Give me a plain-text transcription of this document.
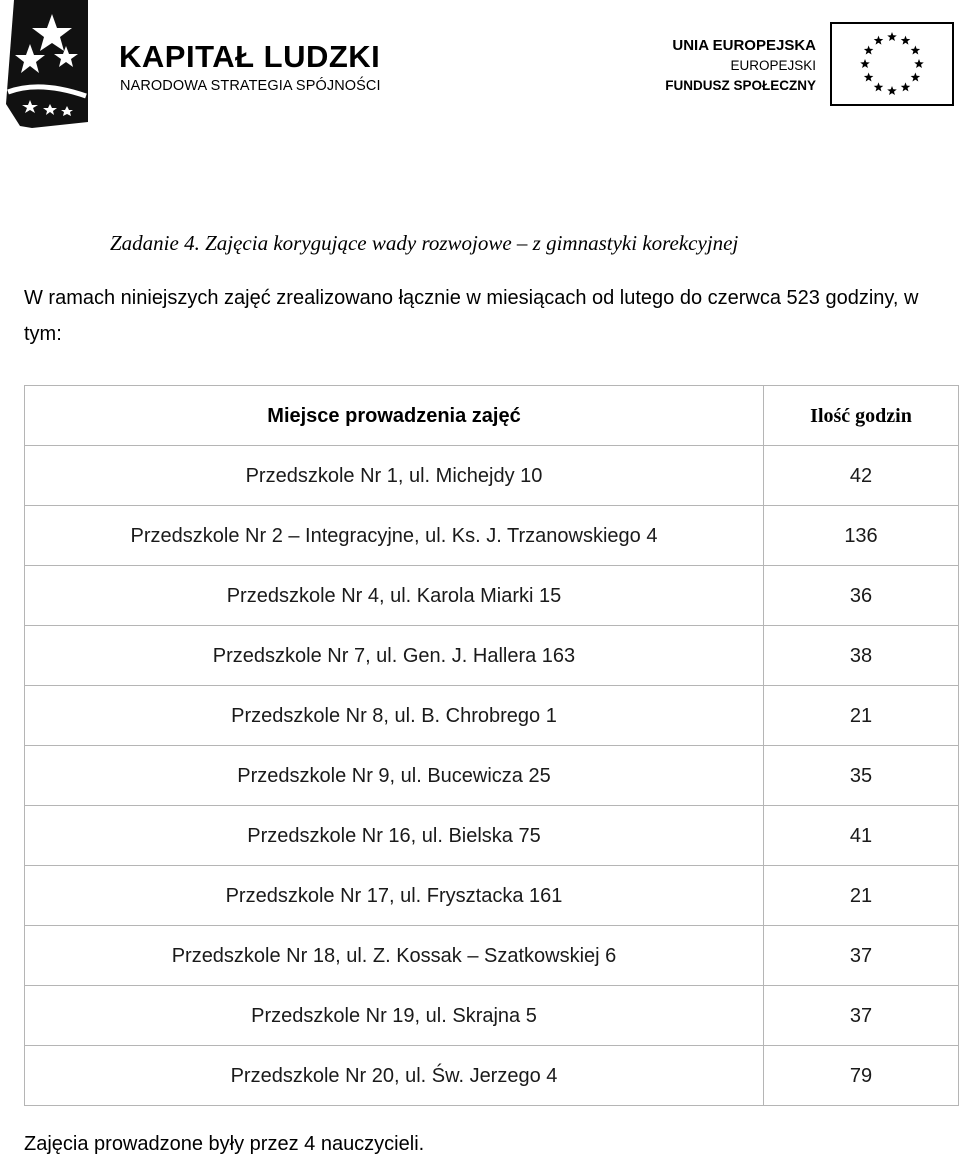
KAPITAŁ LUDZKI
NARODOWA STRATEGIA SPÓJNOŚCI
UNIA EUROPEJSKA
EUROPEJSKI
FUNDUSZ SPOŁECZNY
Zadanie 4. Zajęcia korygujące wady rozwojowe – z gimnastyki korekcyjnej

W ramach niniejszych zajęć zrealizowano łącznie w miesiącach od lutego do czerwca 523 godziny, w tym:

Miejsce prowadzenia zajęć	Ilość godzin
Przedszkole Nr 1, ul. Michejdy 10	42
Przedszkole Nr 2 – Integracyjne, ul. Ks. J. Trzanowskiego 4	136
Przedszkole Nr 4, ul. Karola Miarki 15	36
Przedszkole Nr 7, ul. Gen. J. Hallera 163	38
Przedszkole Nr 8, ul. B. Chrobrego 1	21
Przedszkole Nr 9, ul. Bucewicza 25	35
Przedszkole Nr 16, ul. Bielska 75	41
Przedszkole Nr 17, ul. Frysztacka 161	21
Przedszkole Nr 18, ul. Z. Kossak – Szatkowskiej 6	37
Przedszkole Nr 19, ul. Skrajna 5	37
Przedszkole Nr 20, ul. Św. Jerzego 4	79

Zajęcia prowadzone były przez 4 nauczycieli.
